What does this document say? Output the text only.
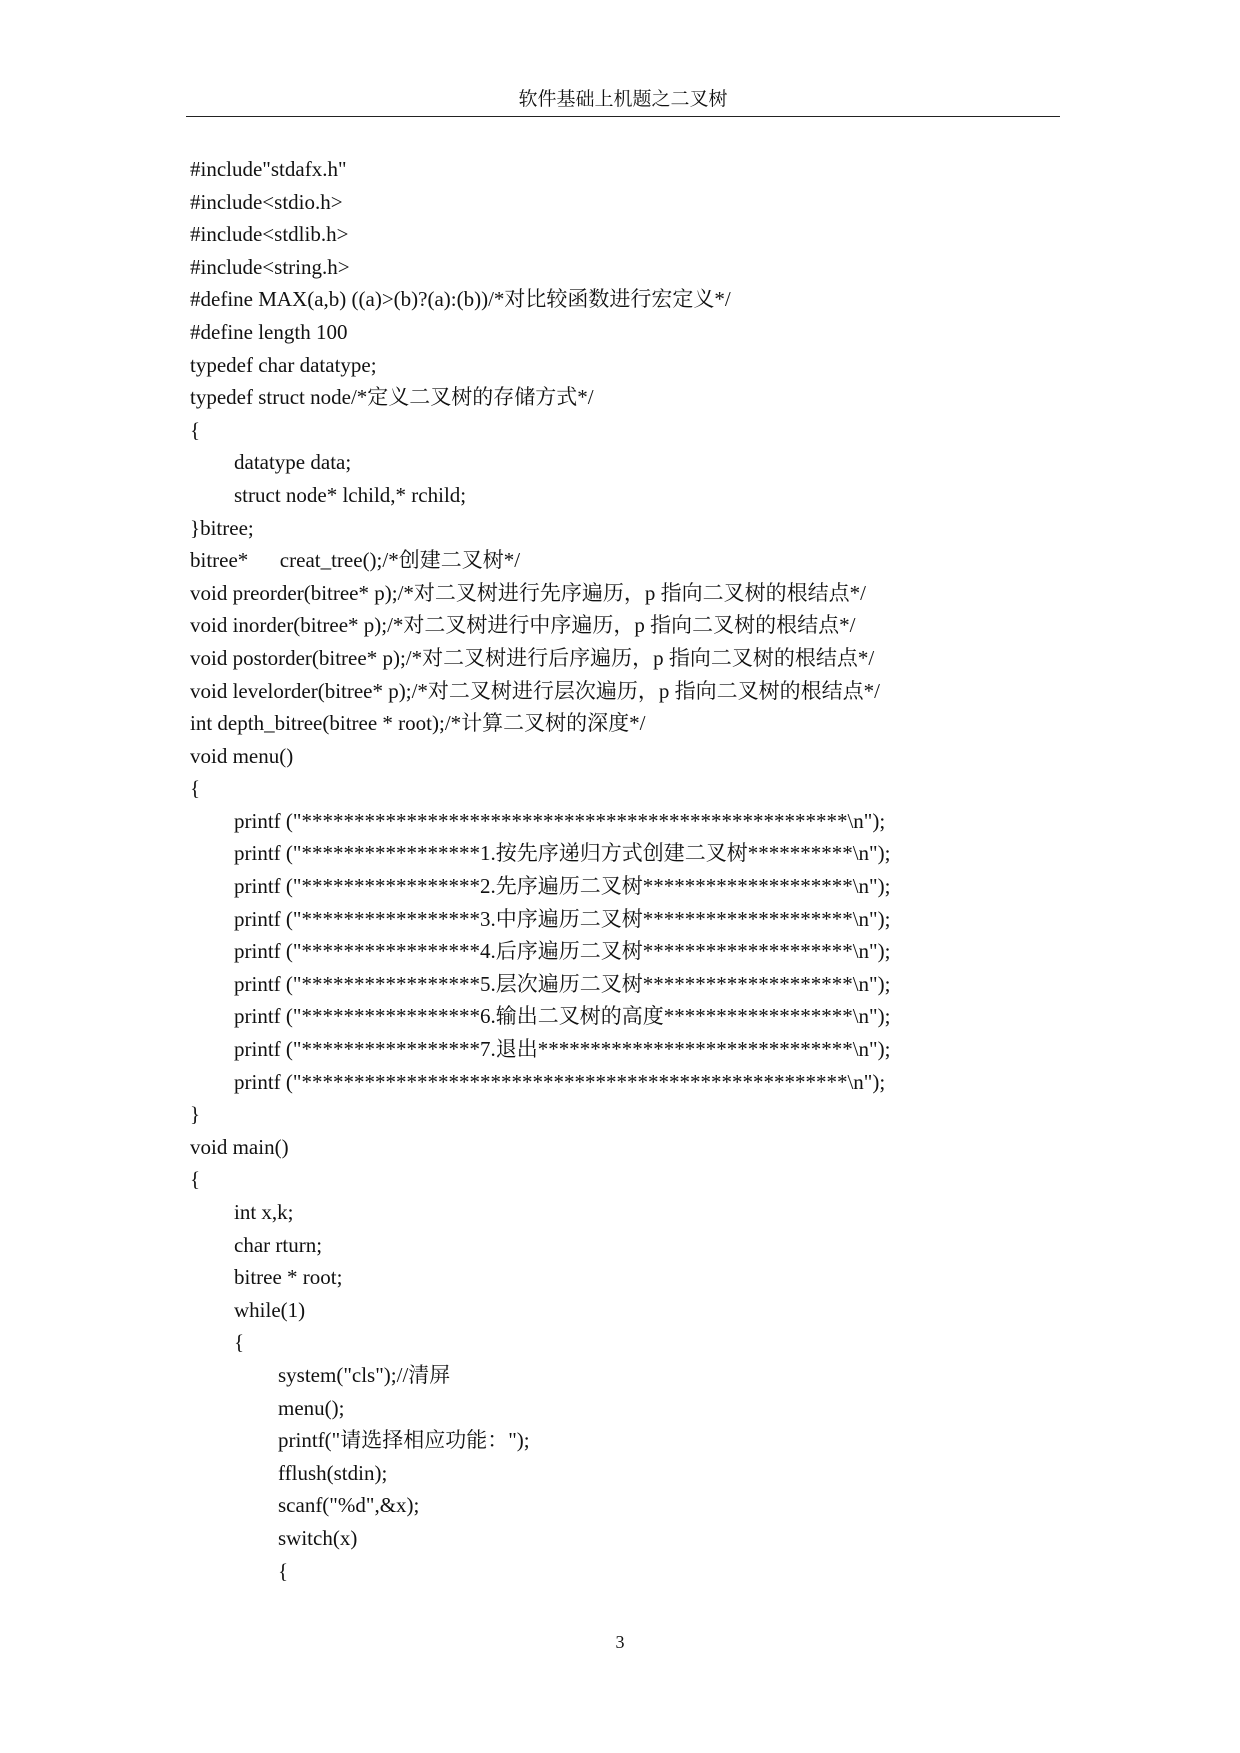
软件基础上机题之二叉树
#include"stdafx.h"
#include<stdio.h>
#include<stdlib.h>
#include<string.h>
#define MAX(a,b) ((a)>(b)?(a):(b))/*对比较函数进行宏定义*/
#define length 100
typedef char datatype;
typedef struct node/*定义二叉树的存储方式*/
{
datatype data;
struct node* lchild,* rchild;
}bitree;
bitree*      creat_tree();/*创建二叉树*/
void preorder(bitree* p);/*对二叉树进行先序遍历，p 指向二叉树的根结点*/
void inorder(bitree* p);/*对二叉树进行中序遍历，p 指向二叉树的根结点*/
void postorder(bitree* p);/*对二叉树进行后序遍历，p 指向二叉树的根结点*/
void levelorder(bitree* p);/*对二叉树进行层次遍历，p 指向二叉树的根结点*/
int depth_bitree(bitree * root);/*计算二叉树的深度*/
void menu()
{
printf ("****************************************************\n");
printf ("*****************1.按先序递归方式创建二叉树**********\n");
printf ("*****************2.先序遍历二叉树********************\n");
printf ("*****************3.中序遍历二叉树********************\n");
printf ("*****************4.后序遍历二叉树********************\n");
printf ("*****************5.层次遍历二叉树********************\n");
printf ("*****************6.输出二叉树的高度******************\n");
printf ("*****************7.退出******************************\n");
printf ("****************************************************\n");
}
void main()
{
int x,k;
char rturn;
bitree * root;
while(1)
{
system("cls");//清屏
menu();
printf("请选择相应功能：");
fflush(stdin);
scanf("%d",&x);
switch(x)
{
3
